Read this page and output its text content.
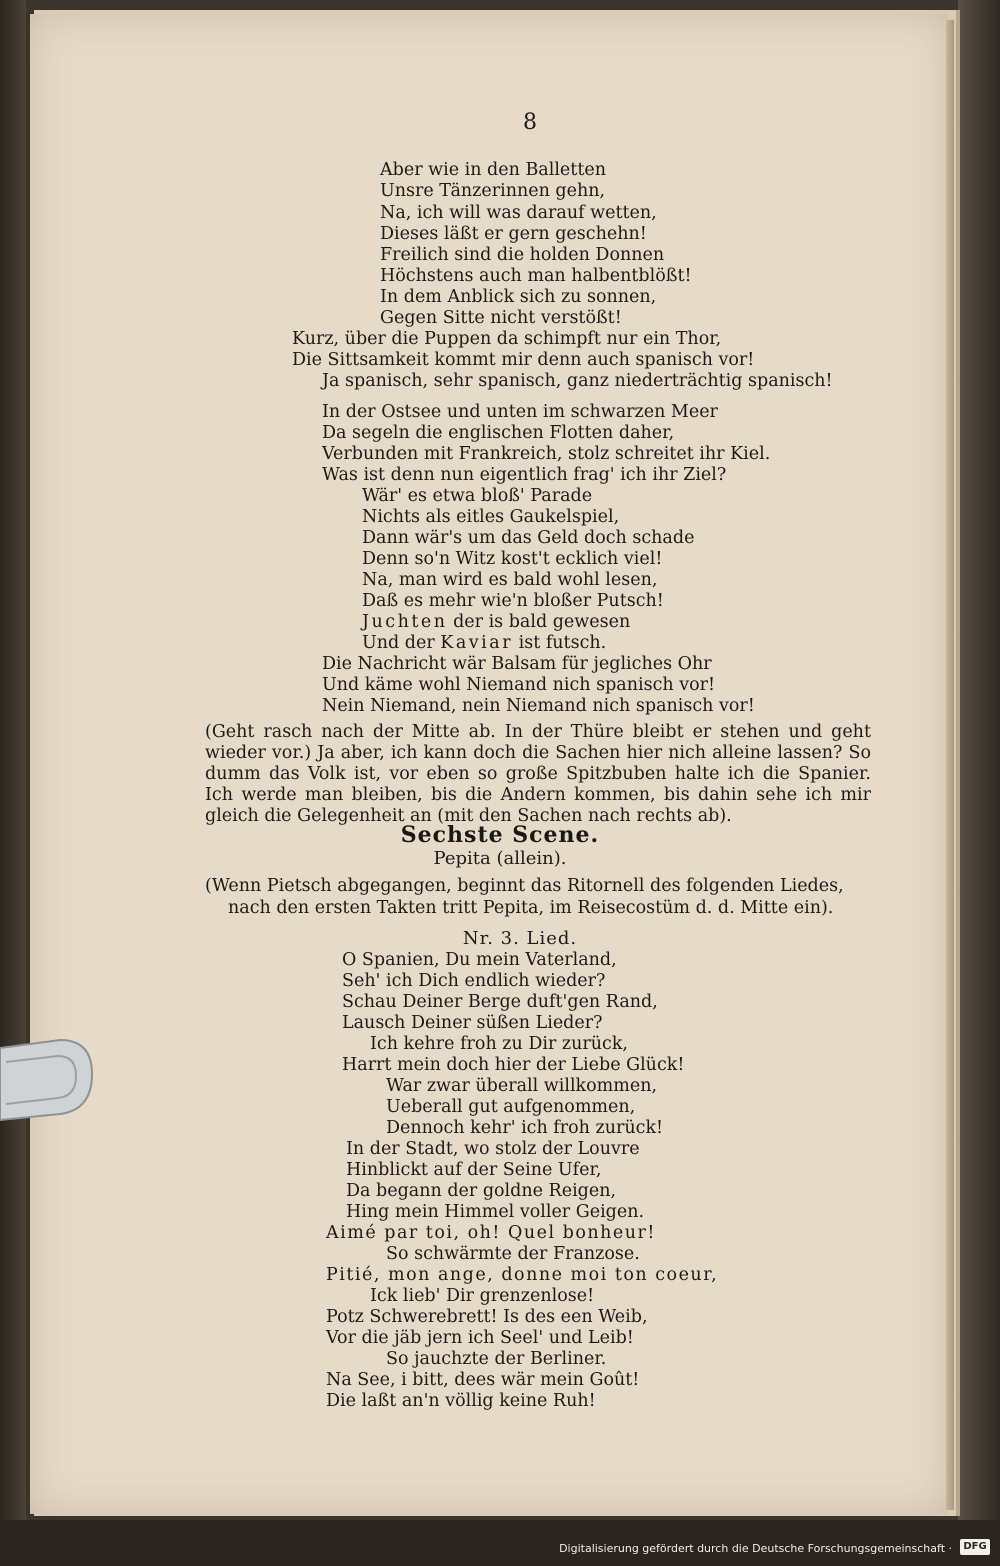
8

Aber wie in den Balletten

Unsre Tänzerinnen gehn,

Na, ich will was darauf wetten,

Dieses läßt er gern geschehn!

Freilich sind die holden Donnen

Höchstens auch man halbentblößt!

In dem Anblick sich zu sonnen,

Gegen Sitte nicht verstößt!

Kurz, über die Puppen da schimpft nur ein Thor,

Die Sittsamkeit kommt mir denn auch spanisch vor!

Ja spanisch, sehr spanisch, ganz niederträchtig spanisch!

In der Ostsee und unten im schwarzen Meer

Da segeln die englischen Flotten daher,

Verbunden mit Frankreich, stolz schreitet ihr Kiel.

Was ist denn nun eigentlich frag' ich ihr Ziel?

Wär' es etwa bloß' Parade

Nichts als eitles Gaukelspiel,

Dann wär's um das Geld doch schade

Denn so'n Witz kost't ecklich viel!

Na, man wird es bald wohl lesen,

Daß es mehr wie'n bloßer Putsch!

Juchten der is bald gewesen

Und der Kaviar ist futsch.

Die Nachricht wär Balsam für jegliches Ohr

Und käme wohl Niemand nich spanisch vor!

Nein Niemand, nein Niemand nich spanisch vor!

(Geht rasch nach der Mitte ab. In der Thüre bleibt er stehen und geht wieder vor.) Ja aber, ich kann doch die Sachen hier nich alleine lassen? So dumm das Volk ist, vor eben so große Spitzbuben halte ich die Spanier. Ich werde man bleiben, bis die Andern kommen, bis dahin sehe ich mir gleich die Gelegenheit an (mit den Sachen nach rechts ab).

Sechste Scene.
Pepita (allein).

(Wenn Pietsch abgegangen, beginnt das Ritornell des folgenden Liedes,

nach den ersten Takten tritt Pepita, im Reisecostüm d. d. Mitte ein).

Nr. 3. Lied.

O Spanien, Du mein Vaterland,

Seh' ich Dich endlich wieder?

Schau Deiner Berge duft'gen Rand,

Lausch Deiner süßen Lieder?

Ich kehre froh zu Dir zurück,

Harrt mein doch hier der Liebe Glück!

War zwar überall willkommen,

Ueberall gut aufgenommen,

Dennoch kehr' ich froh zurück!

In der Stadt, wo stolz der Louvre

Hinblickt auf der Seine Ufer,

Da begann der goldne Reigen,

Hing mein Himmel voller Geigen.

Aimé par toi, oh! Quel bonheur!

So schwärmte der Franzose.

Pitié, mon ange, donne moi ton coeur,

Ick lieb' Dir grenzenlose!

Potz Schwerebrett! Is des een Weib,

Vor die jäb jern ich Seel' und Leib!

So jauchzte der Berliner.

Na See, i bitt, dees wär mein Goût!

Die laßt an'n völlig keine Ruh!

Digitalisierung gefördert durch die Deutsche Forschungsgemeinschaft ·	DFG
